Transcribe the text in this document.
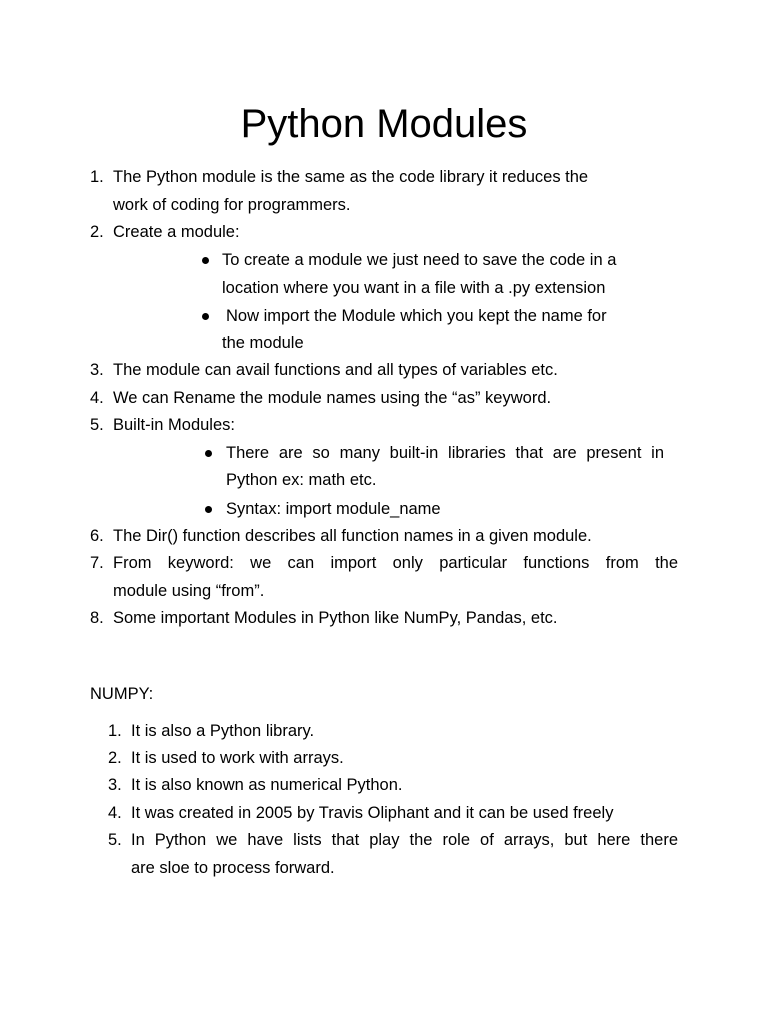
Python Modules
1. The Python module is the same as the code library it reduces the
work of coding for programmers.
2. Create a module:
To create a module we just need to save the code in a
location where you want in a file with a .py extension
Now import the Module which you kept the name for
the module
3. The module can avail functions and all types of variables etc.
4. We can Rename the module names using the “as” keyword.
5. Built-in Modules:
There are so many built-in libraries that are present in
Python ex: math etc.
Syntax: import module_name
6. The Dir() function describes all function names in a given module.
7. From keyword: we can import only particular functions from the
module using “from”.
8. Some important Modules in Python like NumPy, Pandas, etc.
NUMPY:
1. It is also a Python library.
2. It is used to work with arrays.
3. It is also known as numerical Python.
4. It was created in 2005 by Travis Oliphant and it can be used freely
5. In Python we have lists that play the role of arrays, but here there
are sloe to process forward.
